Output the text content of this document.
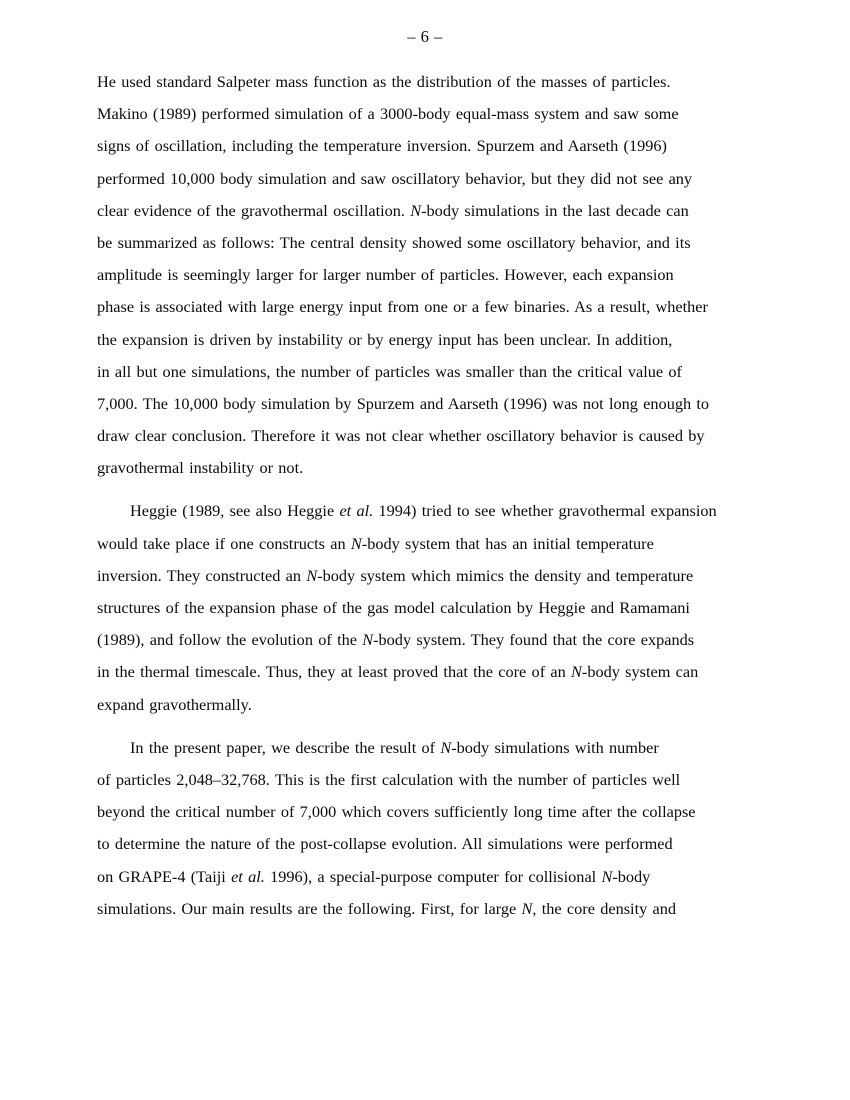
– 6 –
He used standard Salpeter mass function as the distribution of the masses of particles.
Makino (1989) performed simulation of a 3000-body equal-mass system and saw some
signs of oscillation, including the temperature inversion. Spurzem and Aarseth (1996)
performed 10,000 body simulation and saw oscillatory behavior, but they did not see any
clear evidence of the gravothermal oscillation. N-body simulations in the last decade can
be summarized as follows: The central density showed some oscillatory behavior, and its
amplitude is seemingly larger for larger number of particles. However, each expansion
phase is associated with large energy input from one or a few binaries. As a result, whether
the expansion is driven by instability or by energy input has been unclear. In addition,
in all but one simulations, the number of particles was smaller than the critical value of
7,000. The 10,000 body simulation by Spurzem and Aarseth (1996) was not long enough to
draw clear conclusion. Therefore it was not clear whether oscillatory behavior is caused by
gravothermal instability or not.
Heggie (1989, see also Heggie et al. 1994) tried to see whether gravothermal expansion
would take place if one constructs an N-body system that has an initial temperature
inversion. They constructed an N-body system which mimics the density and temperature
structures of the expansion phase of the gas model calculation by Heggie and Ramamani
(1989), and follow the evolution of the N-body system. They found that the core expands
in the thermal timescale. Thus, they at least proved that the core of an N-body system can
expand gravothermally.
In the present paper, we describe the result of N-body simulations with number
of particles 2,048–32,768. This is the first calculation with the number of particles well
beyond the critical number of 7,000 which covers sufficiently long time after the collapse
to determine the nature of the post-collapse evolution. All simulations were performed
on GRAPE-4 (Taiji et al. 1996), a special-purpose computer for collisional N-body
simulations. Our main results are the following. First, for large N, the core density and
